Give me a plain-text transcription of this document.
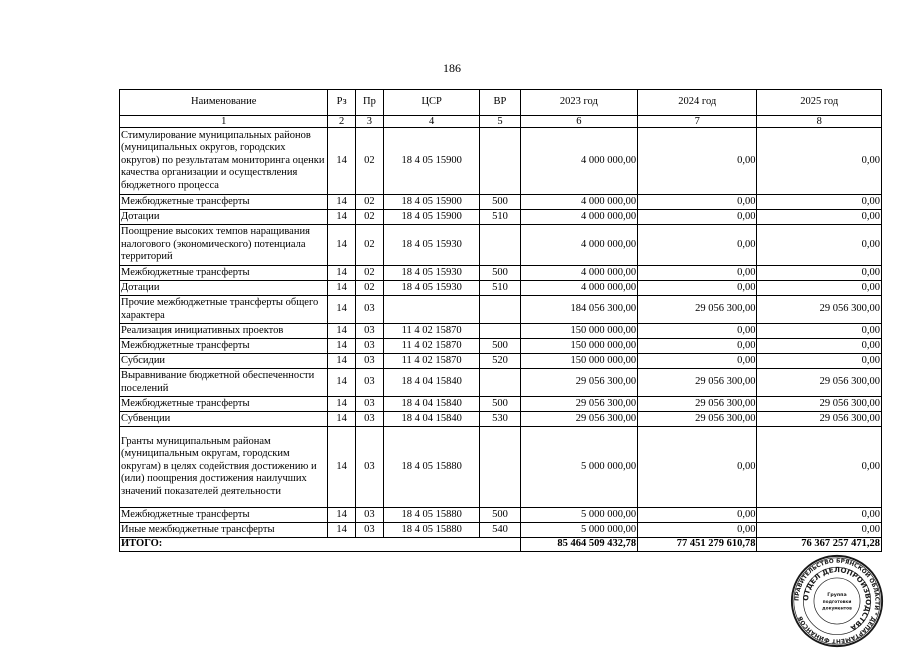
186
Наименование	Рз	Пр	ЦСР	ВР	2023 год	2024 год	2025 год
1	2	3	4	5	6	7	8
Стимулирование муниципальных районов (муниципальных округов, городских округов) по результатам мониторинга оценки качества организации и осуществления бюджетного процесса	14	02	18 4 05 15900		4 000 000,00	0,00	0,00
Межбюджетные трансферты	14	02	18 4 05 15900	500	4 000 000,00	0,00	0,00
Дотации	14	02	18 4 05 15900	510	4 000 000,00	0,00	0,00
Поощрение высоких темпов наращивания налогового (экономического) потенциала территорий	14	02	18 4 05 15930		4 000 000,00	0,00	0,00
Межбюджетные трансферты	14	02	18 4 05 15930	500	4 000 000,00	0,00	0,00
Дотации	14	02	18 4 05 15930	510	4 000 000,00	0,00	0,00
Прочие межбюджетные трансферты общего характера	14	03			184 056 300,00	29 056 300,00	29 056 300,00
Реализация инициативных проектов	14	03	11 4 02 15870		150 000 000,00	0,00	0,00
Межбюджетные трансферты	14	03	11 4 02 15870	500	150 000 000,00	0,00	0,00
Субсидии	14	03	11 4 02 15870	520	150 000 000,00	0,00	0,00
Выравнивание бюджетной обеспеченности поселений	14	03	18 4 04 15840		29 056 300,00	29 056 300,00	29 056 300,00
Межбюджетные трансферты	14	03	18 4 04 15840	500	29 056 300,00	29 056 300,00	29 056 300,00
Субвенции	14	03	18 4 04 15840	530	29 056 300,00	29 056 300,00	29 056 300,00
Гранты муниципальным районам (муниципальным округам, городским округам) в целях содействия достижению и (или) поощрения достижения наилучших значений показателей деятельности	14	03	18 4 05 15880		5 000 000,00	0,00	0,00
Межбюджетные трансферты	14	03	18 4 05 15880	500	5 000 000,00	0,00	0,00
Иные межбюджетные трансферты	14	03	18 4 05 15880	540	5 000 000,00	0,00	0,00
ИТОГО:					85 464 509 432,78	77 451 279 610,78	76 367 257 471,28
ПРАВИТЕЛЬСТВО БРЯНСКОЙ ОБЛАСТИ * ДЕПАРТАМЕНТ ФИНАНСОВ
ОТДЕЛ ДЕЛОПРОИЗВОДСТВА
Группа
подготовки
документов
